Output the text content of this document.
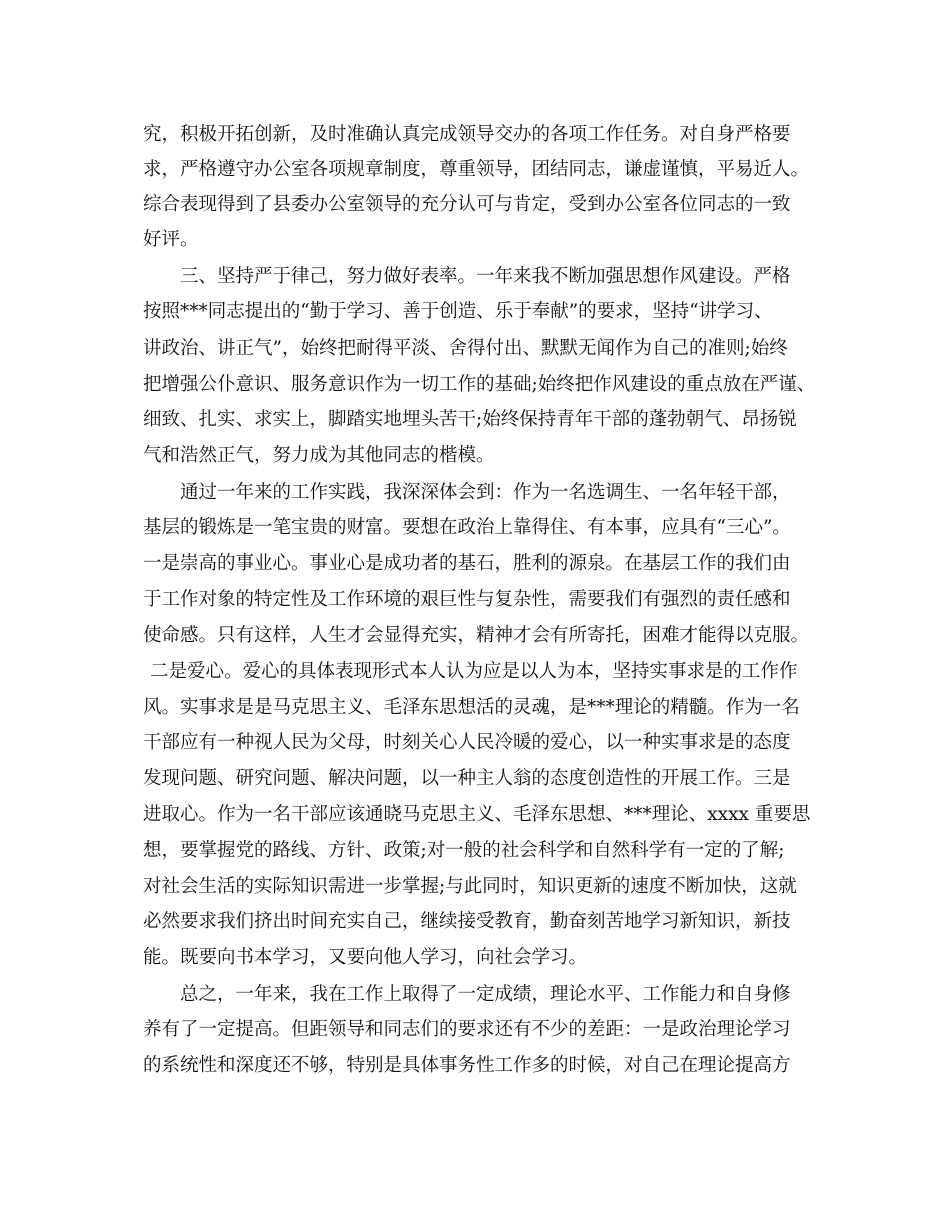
究，积极开拓创新，及时准确认真完成领导交办的各项工作任务。对自身严格要
求，严格遵守办公室各项规章制度，尊重领导，团结同志，谦虚谨慎，平易近人。
综合表现得到了县委办公室领导的充分认可与肯定，受到办公室各位同志的一致
好评。
三、坚持严于律己，努力做好表率。一年来我不断加强思想作风建设。严格
按照***同志提出的“勤于学习、善于创造、乐于奉献”的要求，坚持“讲学习、
讲政治、讲正气”，始终把耐得平淡、舍得付出、默默无闻作为自己的准则;始终
把增强公仆意识、服务意识作为一切工作的基础;始终把作风建设的重点放在严谨、
细致、扎实、求实上，脚踏实地埋头苦干;始终保持青年干部的蓬勃朝气、昂扬锐
气和浩然正气，努力成为其他同志的楷模。
通过一年来的工作实践，我深深体会到：作为一名选调生、一名年轻干部，
基层的锻炼是一笔宝贵的财富。要想在政治上靠得住、有本事，应具有“三心”。
一是崇高的事业心。事业心是成功者的基石，胜利的源泉。在基层工作的我们由
于工作对象的特定性及工作环境的艰巨性与复杂性，需要我们有强烈的责任感和
使命感。只有这样，人生才会显得充实，精神才会有所寄托，困难才能得以克服。
二是爱心。爱心的具体表现形式本人认为应是以人为本，坚持实事求是的工作作
风。实事求是是马克思主义、毛泽东思想活的灵魂，是***理论的精髓。作为一名
干部应有一种视人民为父母，时刻关心人民冷暖的爱心，以一种实事求是的态度
发现问题、研究问题、解决问题，以一种主人翁的态度创造性的开展工作。三是
进取心。作为一名干部应该通晓马克思主义、毛泽东思想、***理论、xxxx 重要思
想，要掌握党的路线、方针、政策;对一般的社会科学和自然科学有一定的了解;
对社会生活的实际知识需进一步掌握;与此同时，知识更新的速度不断加快，这就
必然要求我们挤出时间充实自己，继续接受教育，勤奋刻苦地学习新知识，新技
能。既要向书本学习，又要向他人学习，向社会学习。
总之，一年来，我在工作上取得了一定成绩，理论水平、工作能力和自身修
养有了一定提高。但距领导和同志们的要求还有不少的差距：一是政治理论学习
的系统性和深度还不够，特别是具体事务性工作多的时候，对自己在理论提高方
